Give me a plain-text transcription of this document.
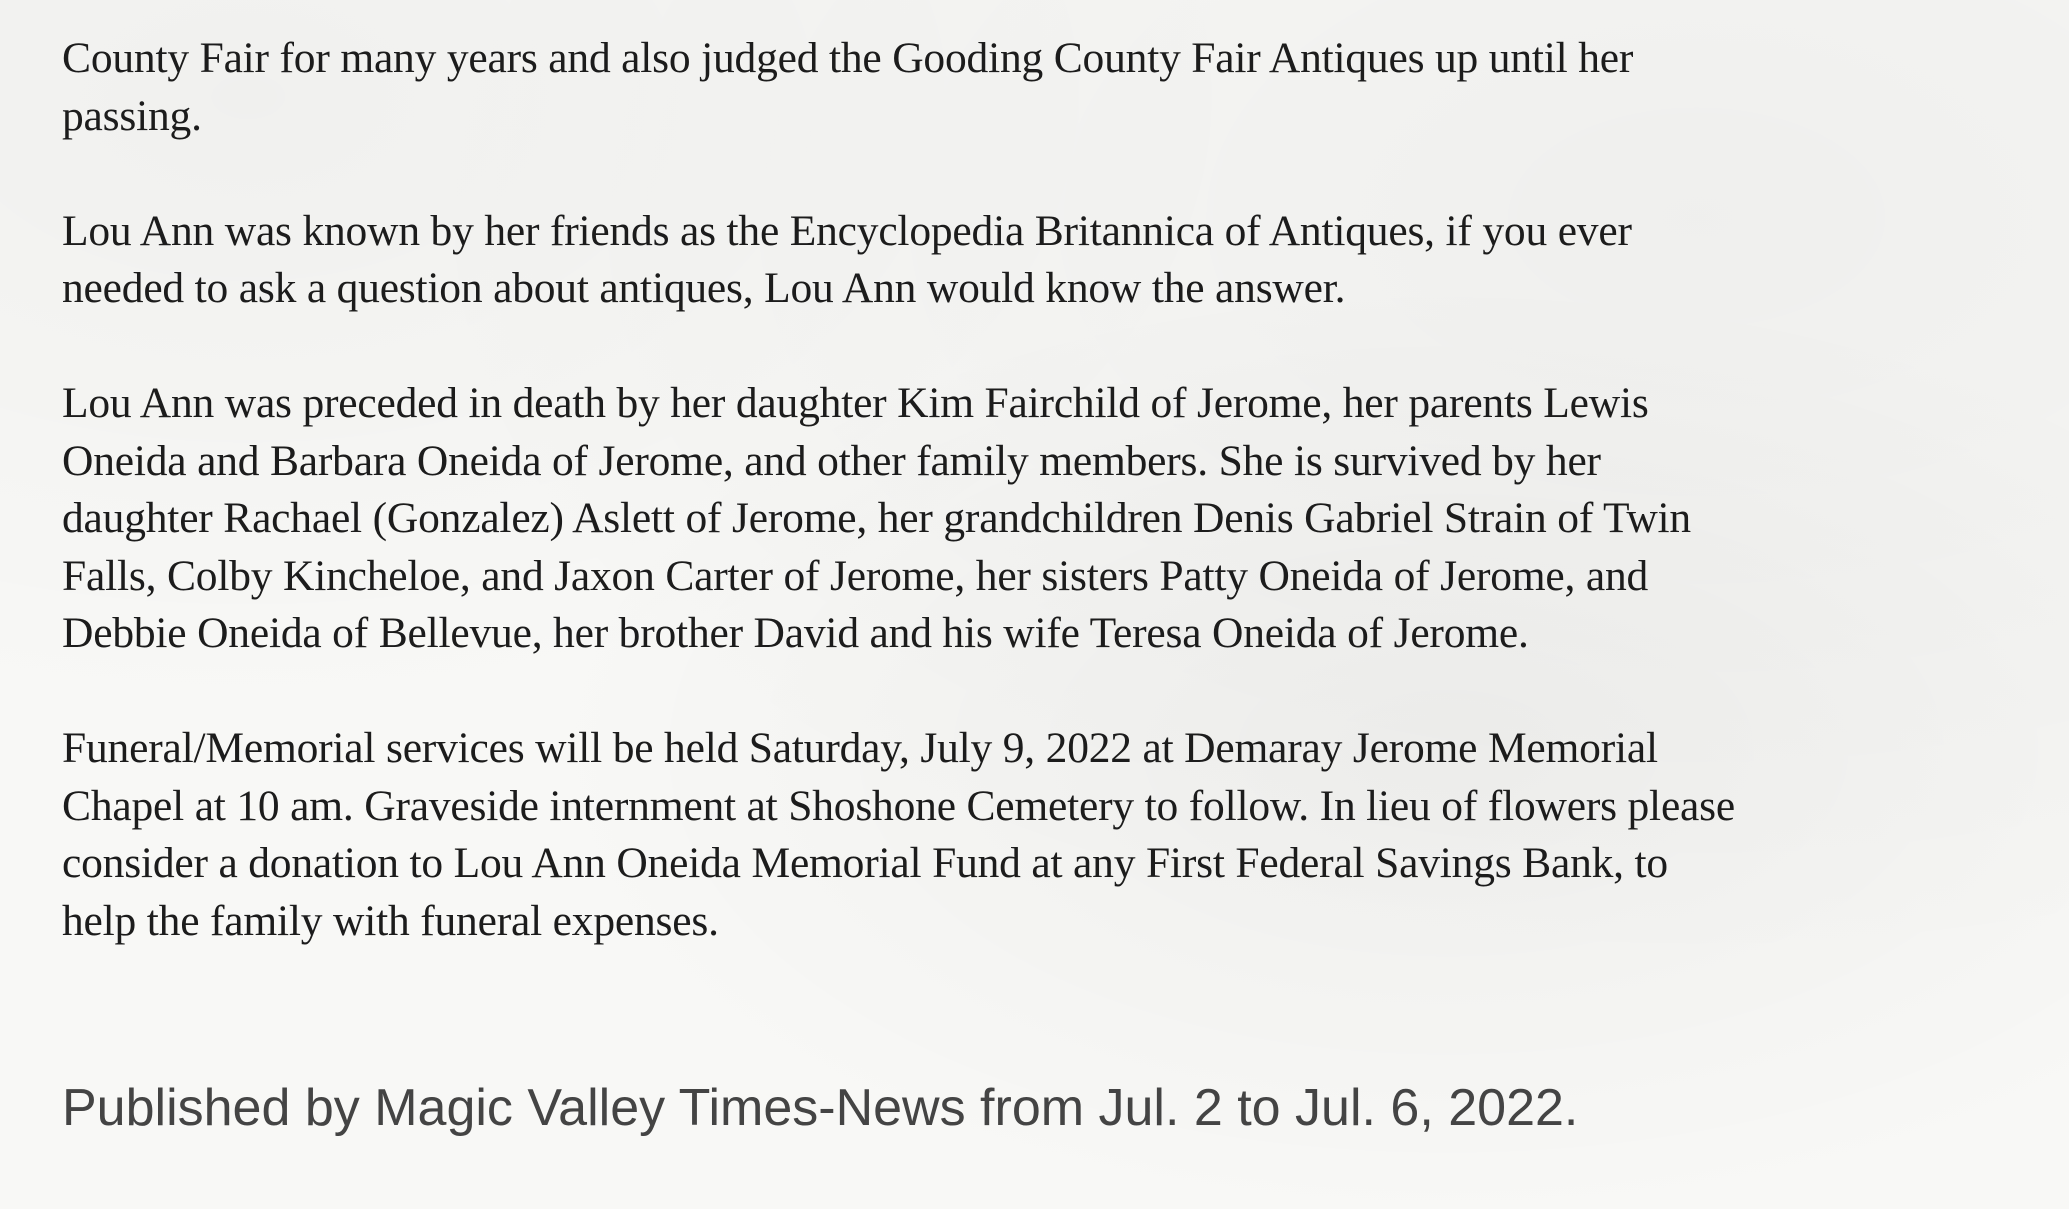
County Fair for many years and also judged the Gooding County Fair Antiques up until her
passing.

Lou Ann was known by her friends as the Encyclopedia Britannica of Antiques, if you ever
needed to ask a question about antiques, Lou Ann would know the answer.

Lou Ann was preceded in death by her daughter Kim Fairchild of Jerome, her parents Lewis
Oneida and Barbara Oneida of Jerome, and other family members. She is survived by her
daughter Rachael (Gonzalez) Aslett of Jerome, her grandchildren Denis Gabriel Strain of Twin
Falls, Colby Kincheloe, and Jaxon Carter of Jerome, her sisters Patty Oneida of Jerome, and
Debbie Oneida of Bellevue, her brother David and his wife Teresa Oneida of Jerome.

Funeral/Memorial services will be held Saturday, July 9, 2022 at Demaray Jerome Memorial
Chapel at 10 am. Graveside internment at Shoshone Cemetery to follow. In lieu of flowers please
consider a donation to Lou Ann Oneida Memorial Fund at any First Federal Savings Bank, to
help the family with funeral expenses.

Published by Magic Valley Times-News from Jul. 2 to Jul. 6, 2022.
